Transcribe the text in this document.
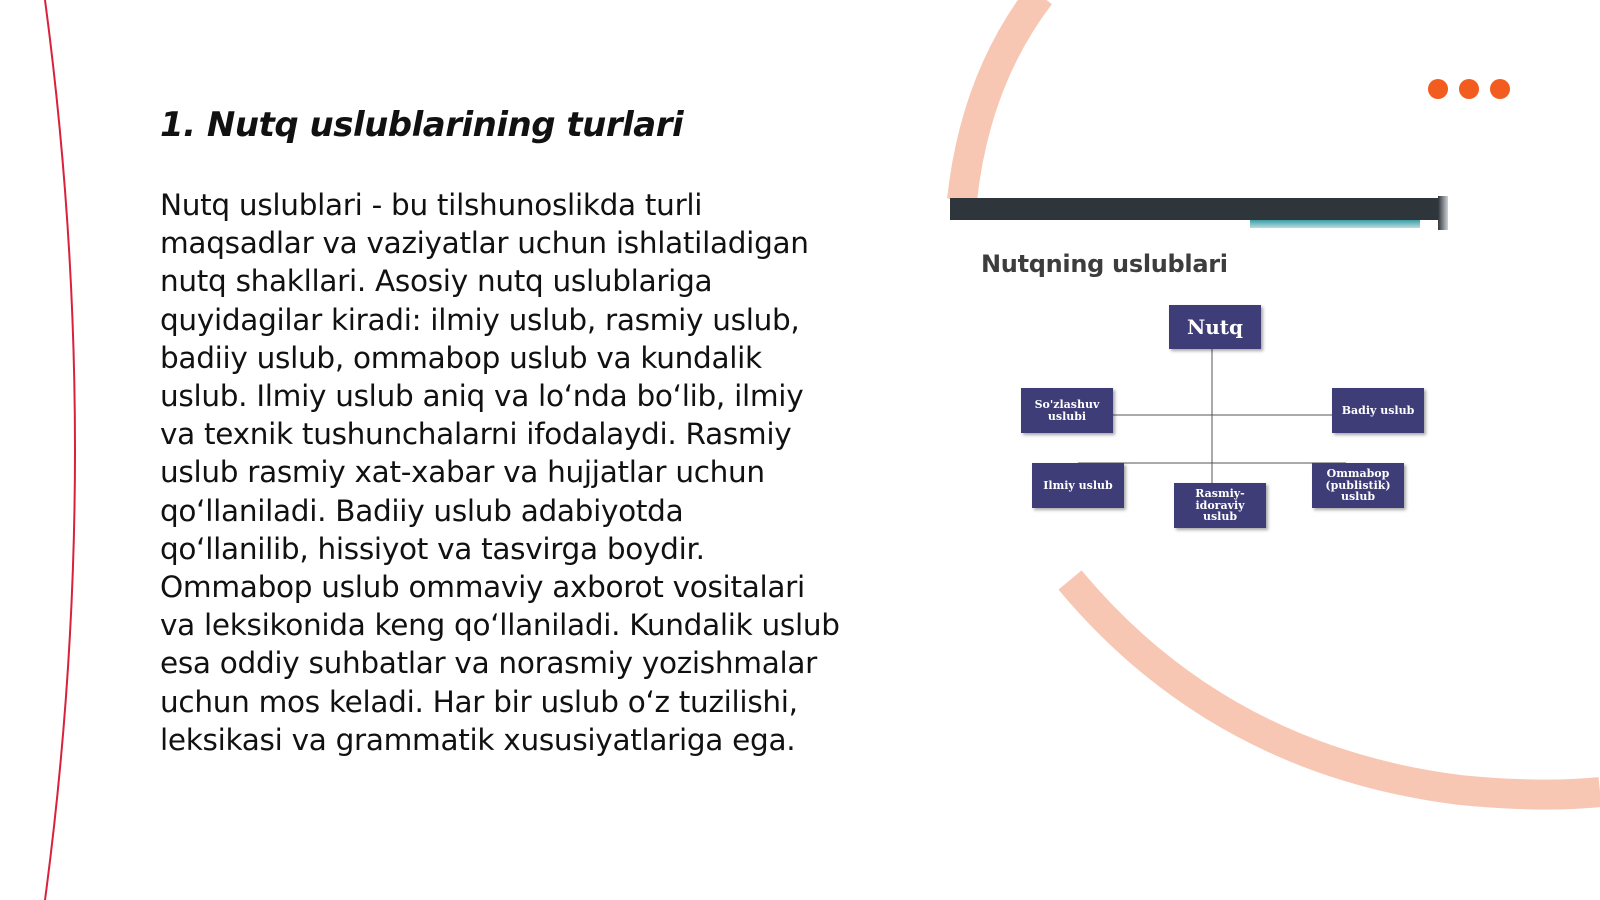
1. Nutq uslublarining turlari

Nutq uslublari - bu tilshunoslikda turli maqsadlar va vaziyatlar uchun ishlatiladigan nutq shakllari. Asosiy nutq uslublariga quyidagilar kiradi: ilmiy uslub, rasmiy uslub, badiiy uslub, ommabop uslub va kundalik uslub. Ilmiy uslub aniq va lo‘nda bo‘lib, ilmiy va texnik tushunchalarni ifodalaydi. Rasmiy uslub rasmiy xat-xabar va hujjatlar uchun qo‘llaniladi. Badiiy uslub adabiyotda qo‘llanilib, hissiyot va tasvirga boydir. Ommabop uslub ommaviy axborot vositalari va leksikonida keng qo‘llaniladi. Kundalik uslub esa oddiy suhbatlar va norasmiy yozishmalar uchun mos keladi. Har bir uslub o‘z tuzilishi, leksikasi va grammatik xususiyatlariga ega.

Nutqning uslublari
Nutq
So'zlashuv
uslubi	Badiy uslub
Ilmiy uslub
Rasmiy-
idoraviy uslub
Ommabop
(publistik)
uslub
